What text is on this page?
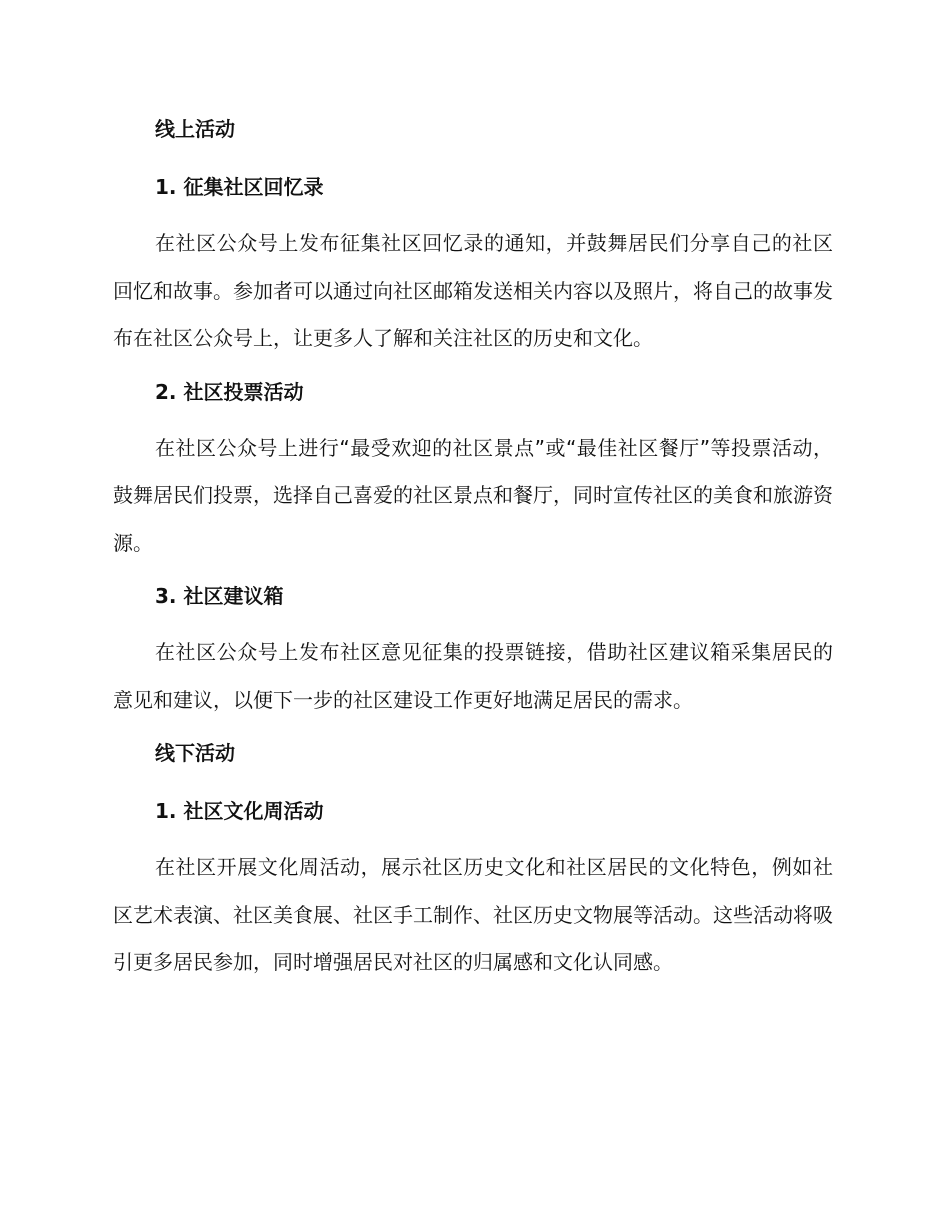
线上活动
1. 征集社区回忆录

在社区公众号上发布征集社区回忆录的通知，并鼓舞居民们分享自己的社区回忆和故事。参加者可以通过向社区邮箱发送相关内容以及照片，将自己的故事发布在社区公众号上，让更多人了解和关注社区的历史和文化。

2. 社区投票活动

在社区公众号上进行“最受欢迎的社区景点”或“最佳社区餐厅”等投票活动，鼓舞居民们投票，选择自己喜爱的社区景点和餐厅，同时宣传社区的美食和旅游资源。

3. 社区建议箱

在社区公众号上发布社区意见征集的投票链接，借助社区建议箱采集居民的意见和建议，以便下一步的社区建设工作更好地满足居民的需求。

线下活动
1. 社区文化周活动

在社区开展文化周活动，展示社区历史文化和社区居民的文化特色，例如社区艺术表演、社区美食展、社区手工制作、社区历史文物展等活动。这些活动将吸引更多居民参加，同时增强居民对社区的归属感和文化认同感。
